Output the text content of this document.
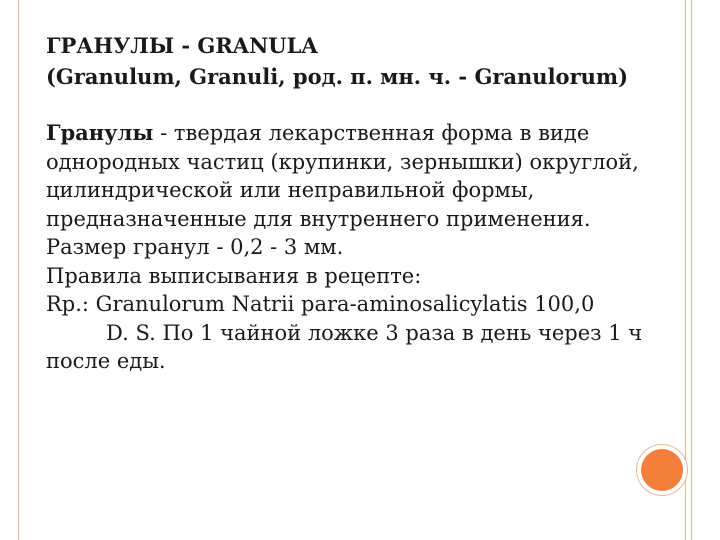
ГРАНУЛЫ - GRANULA
(Granulum, Granuli, род. п. мн. ч. - Granulorum)
Гранулы - твердая лекарственная форма в виде
однородных частиц (крупинки, зернышки) округлой,
цилиндрической или неправильной формы,
предназначенные для внутреннего применения.
Размер гранул - 0,2 - 3 мм.
Правила выписывания в рецепте:
Rp.: Granulorum Natrii para-aminosalicylatis 100,0
D. S. По 1 чайной ложке 3 раза в день через 1 ч
после еды.
